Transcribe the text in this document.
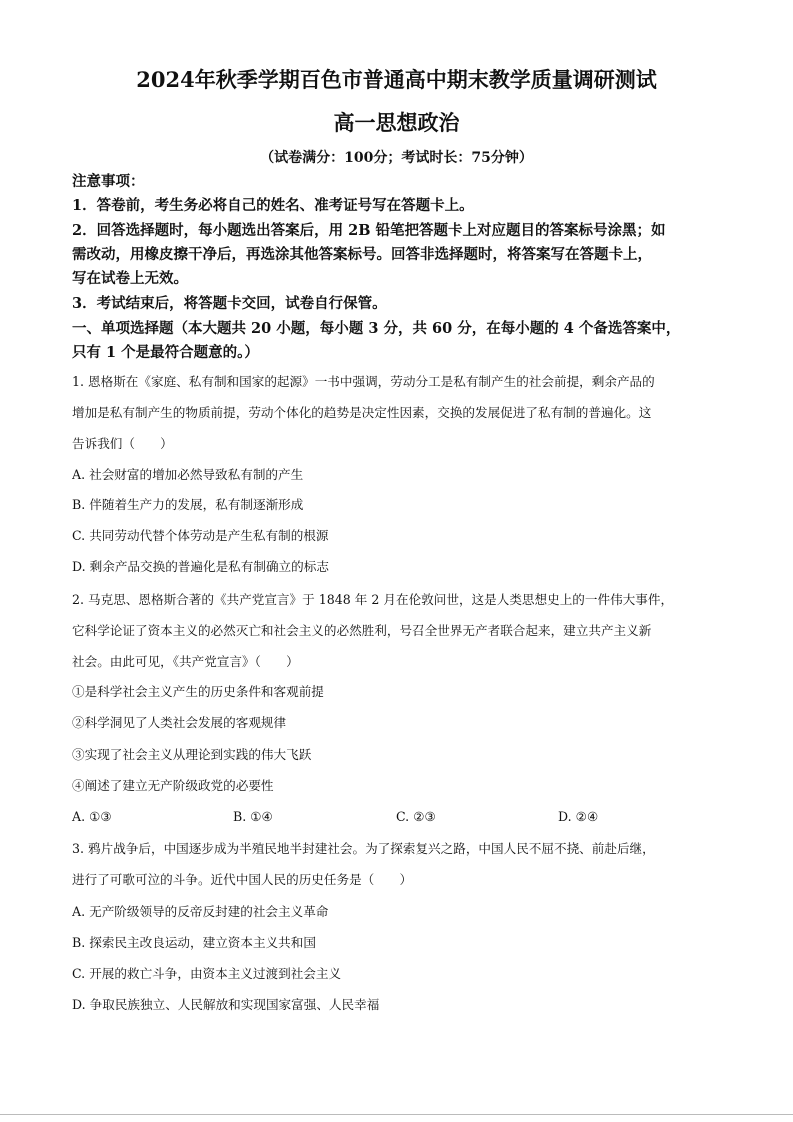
2024年秋季学期百色市普通高中期末教学质量调研测试
高一思想政治
（试卷满分：100分；考试时长：75分钟）
注意事项：
1．答卷前，考生务必将自己的姓名、准考证号写在答题卡上。
2．回答选择题时，每小题选出答案后，用 2B 铅笔把答题卡上对应题目的答案标号涂黑；如
需改动，用橡皮擦干净后，再选涂其他答案标号。回答非选择题时，将答案写在答题卡上，
写在试卷上无效。
3．考试结束后，将答题卡交回，试卷自行保管。
一、单项选择题（本大题共 20 小题，每小题 3 分，共 60 分，在每小题的 4 个备选答案中，
只有 1 个是最符合题意的。）
1. 恩格斯在《家庭、私有制和国家的起源》一书中强调，劳动分工是私有制产生的社会前提，剩余产品的
增加是私有制产生的物质前提，劳动个体化的趋势是决定性因素，交换的发展促进了私有制的普遍化。这
告诉我们（　　）
A. 社会财富的增加必然导致私有制的产生
B. 伴随着生产力的发展，私有制逐渐形成
C. 共同劳动代替个体劳动是产生私有制的根源
D. 剩余产品交换的普遍化是私有制确立的标志
2. 马克思、恩格斯合著的《共产党宣言》于 1848 年 2 月在伦敦问世，这是人类思想史上的一件伟大事件，
它科学论证了资本主义的必然灭亡和社会主义的必然胜利，号召全世界无产者联合起来，建立共产主义新
社会。由此可见，《共产党宣言》（　　）
①是科学社会主义产生的历史条件和客观前提
②科学洞见了人类社会发展的客观规律
③实现了社会主义从理论到实践的伟大飞跃
④阐述了建立无产阶级政党的必要性
A. ①③	B. ①④	C. ②③	D. ②④
3. 鸦片战争后，中国逐步成为半殖民地半封建社会。为了探索复兴之路，中国人民不屈不挠、前赴后继，
进行了可歌可泣的斗争。近代中国人民的历史任务是（　　）
A. 无产阶级领导的反帝反封建的社会主义革命
B. 探索民主改良运动，建立资本主义共和国
C. 开展的救亡斗争，由资本主义过渡到社会主义
D. 争取民族独立、人民解放和实现国家富强、人民幸福
